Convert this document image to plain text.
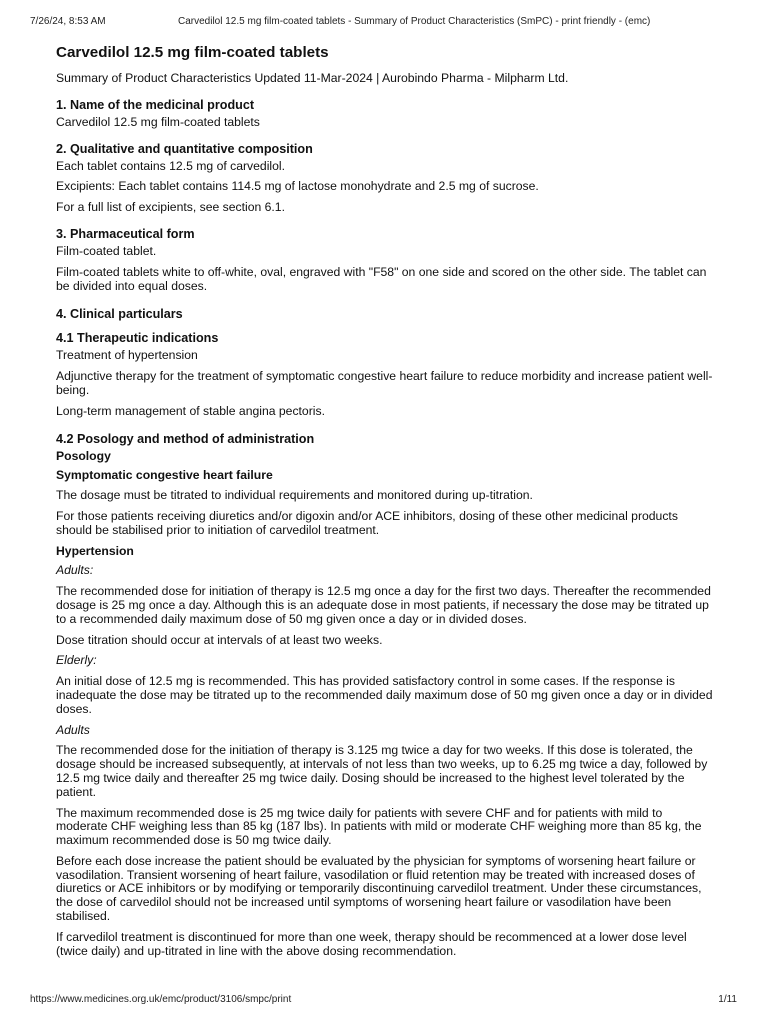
7/26/24, 8:53 AM	Carvedilol 12.5 mg film-coated tablets - Summary of Product Characteristics (SmPC) - print friendly - (emc)
Carvedilol 12.5 mg film-coated tablets

Summary of Product Characteristics Updated 11-Mar-2024 | Aurobindo Pharma - Milpharm Ltd.

1. Name of the medicinal product

Carvedilol 12.5 mg film-coated tablets

2. Qualitative and quantitative composition

Each tablet contains 12.5 mg of carvedilol.

Excipients: Each tablet contains 114.5 mg of lactose monohydrate and 2.5 mg of sucrose.

For a full list of excipients, see section 6.1.

3. Pharmaceutical form

Film-coated tablet.

Film-coated tablets white to off-white, oval, engraved with "F58" on one side and scored on the other side. The tablet can be divided into equal doses.

4. Clinical particulars
4.1 Therapeutic indications

Treatment of hypertension

Adjunctive therapy for the treatment of symptomatic congestive heart failure to reduce morbidity and increase patient well-being.

Long-term management of stable angina pectoris.

4.2 Posology and method of administration
Posology
Symptomatic congestive heart failure

The dosage must be titrated to individual requirements and monitored during up-titration.

For those patients receiving diuretics and/or digoxin and/or ACE inhibitors, dosing of these other medicinal products should be stabilised prior to initiation of carvedilol treatment.

Hypertension

Adults:

The recommended dose for initiation of therapy is 12.5 mg once a day for the first two days. Thereafter the recommended dosage is 25 mg once a day. Although this is an adequate dose in most patients, if necessary the dose may be titrated up to a recommended daily maximum dose of 50 mg given once a day or in divided doses.

Dose titration should occur at intervals of at least two weeks.

Elderly:

An initial dose of 12.5 mg is recommended. This has provided satisfactory control in some cases. If the response is inadequate the dose may be titrated up to the recommended daily maximum dose of 50 mg given once a day or in divided doses.

Adults

The recommended dose for the initiation of therapy is 3.125 mg twice a day for two weeks. If this dose is tolerated, the dosage should be increased subsequently, at intervals of not less than two weeks, up to 6.25 mg twice a day, followed by 12.5 mg twice daily and thereafter 25 mg twice daily. Dosing should be increased to the highest level tolerated by the patient.

The maximum recommended dose is 25 mg twice daily for patients with severe CHF and for patients with mild to moderate CHF weighing less than 85 kg (187 lbs). In patients with mild or moderate CHF weighing more than 85 kg, the maximum recommended dose is 50 mg twice daily.

Before each dose increase the patient should be evaluated by the physician for symptoms of worsening heart failure or vasodilation. Transient worsening of heart failure, vasodilation or fluid retention may be treated with increased doses of diuretics or ACE inhibitors or by modifying or temporarily discontinuing carvedilol treatment. Under these circumstances, the dose of carvedilol should not be increased until symptoms of worsening heart failure or vasodilation have been stabilised.

If carvedilol treatment is discontinued for more than one week, therapy should be recommenced at a lower dose level (twice daily) and up-titrated in line with the above dosing recommendation.

https://www.medicines.org.uk/emc/product/3106/smpc/print	1/11
